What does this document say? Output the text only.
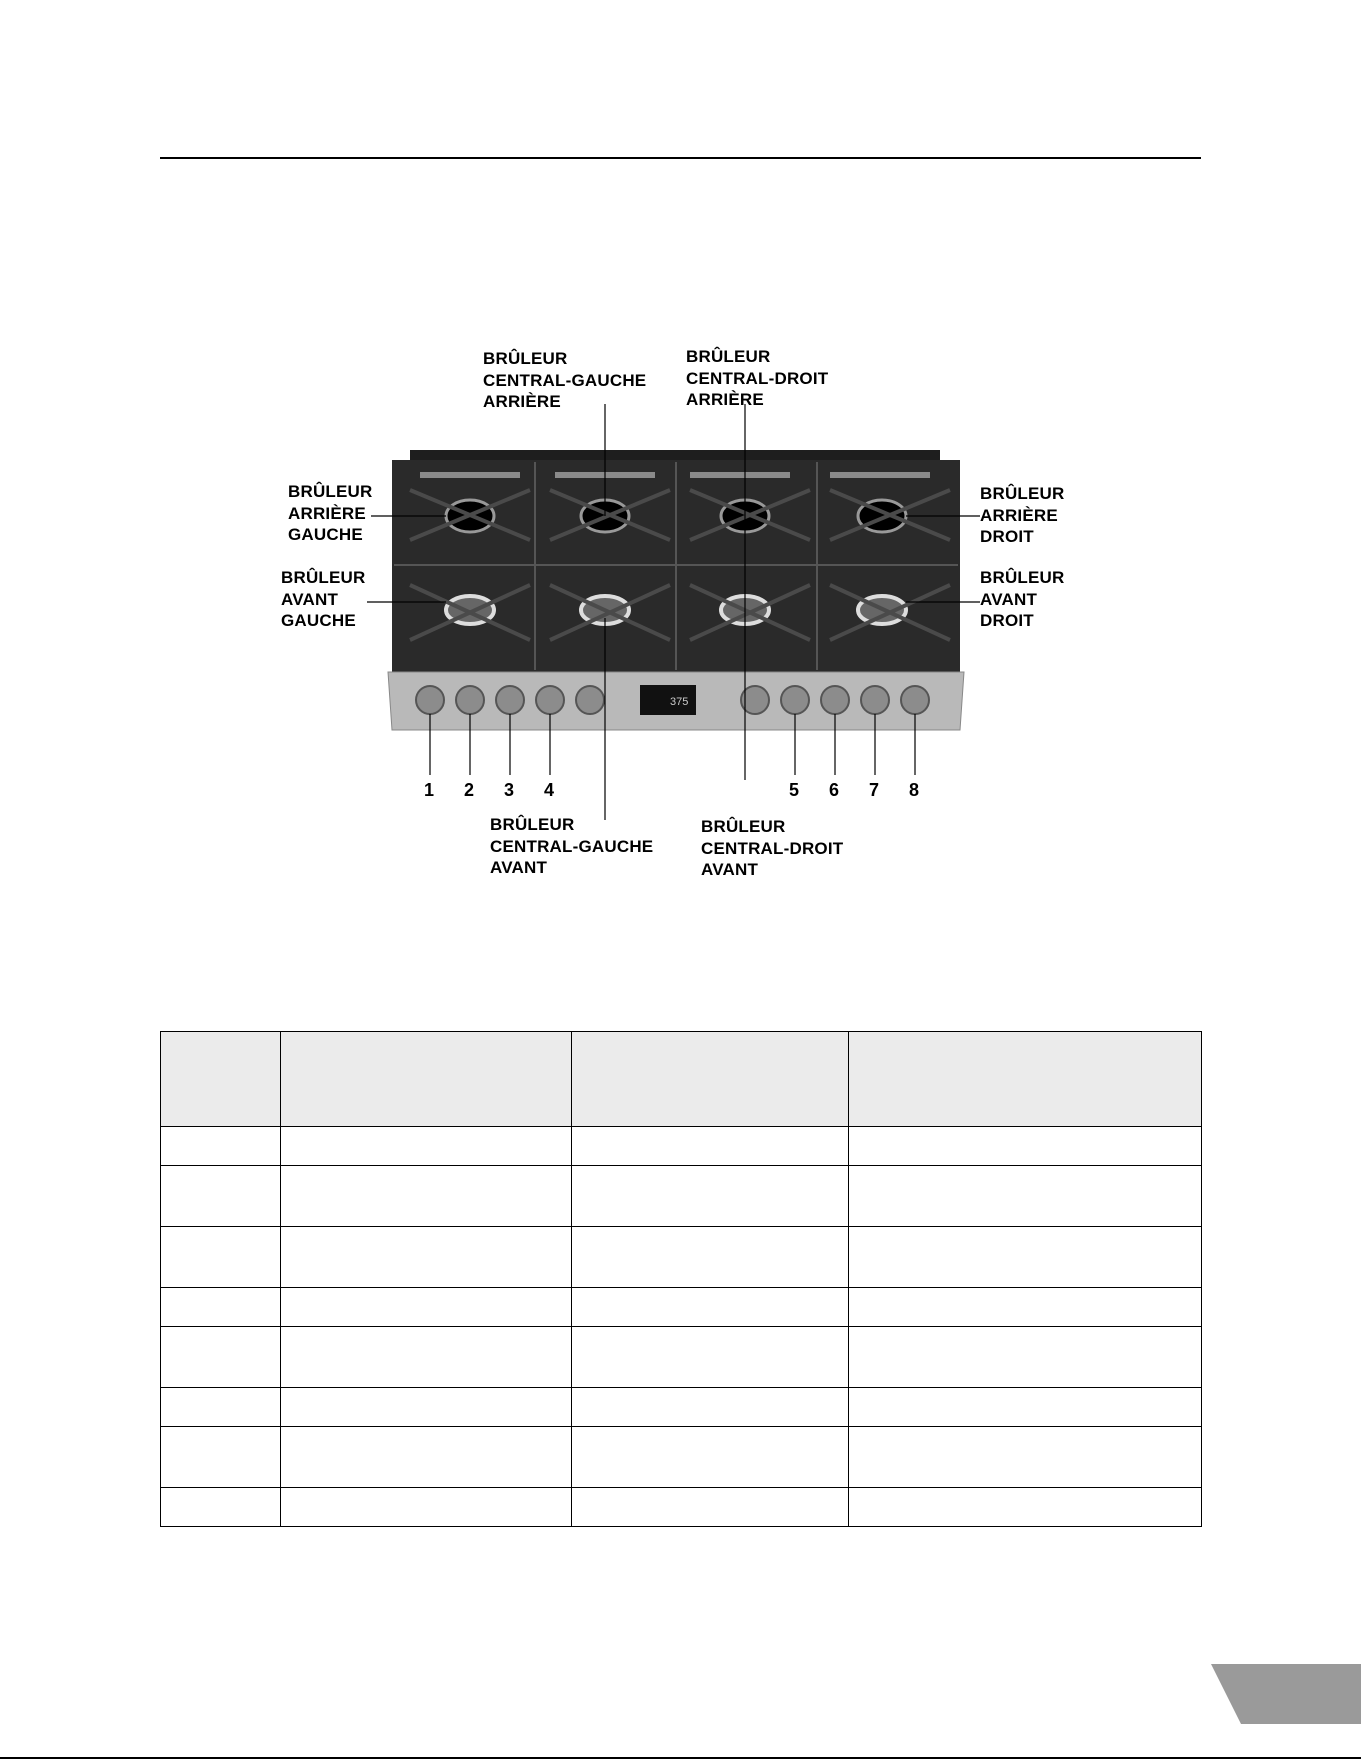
375
BRÛLEUR
CENTRAL-GAUCHE
ARRIÈRE
BRÛLEUR
CENTRAL-DROIT
ARRIÈRE
BRÛLEUR
ARRIÈRE
GAUCHE
BRÛLEUR
AVANT
GAUCHE
BRÛLEUR
ARRIÈRE
DROIT
BRÛLEUR
AVANT
DROIT
BRÛLEUR
CENTRAL-GAUCHE
AVANT
BRÛLEUR
CENTRAL-DROIT
AVANT
1 2 3 4	5 6 7 8
